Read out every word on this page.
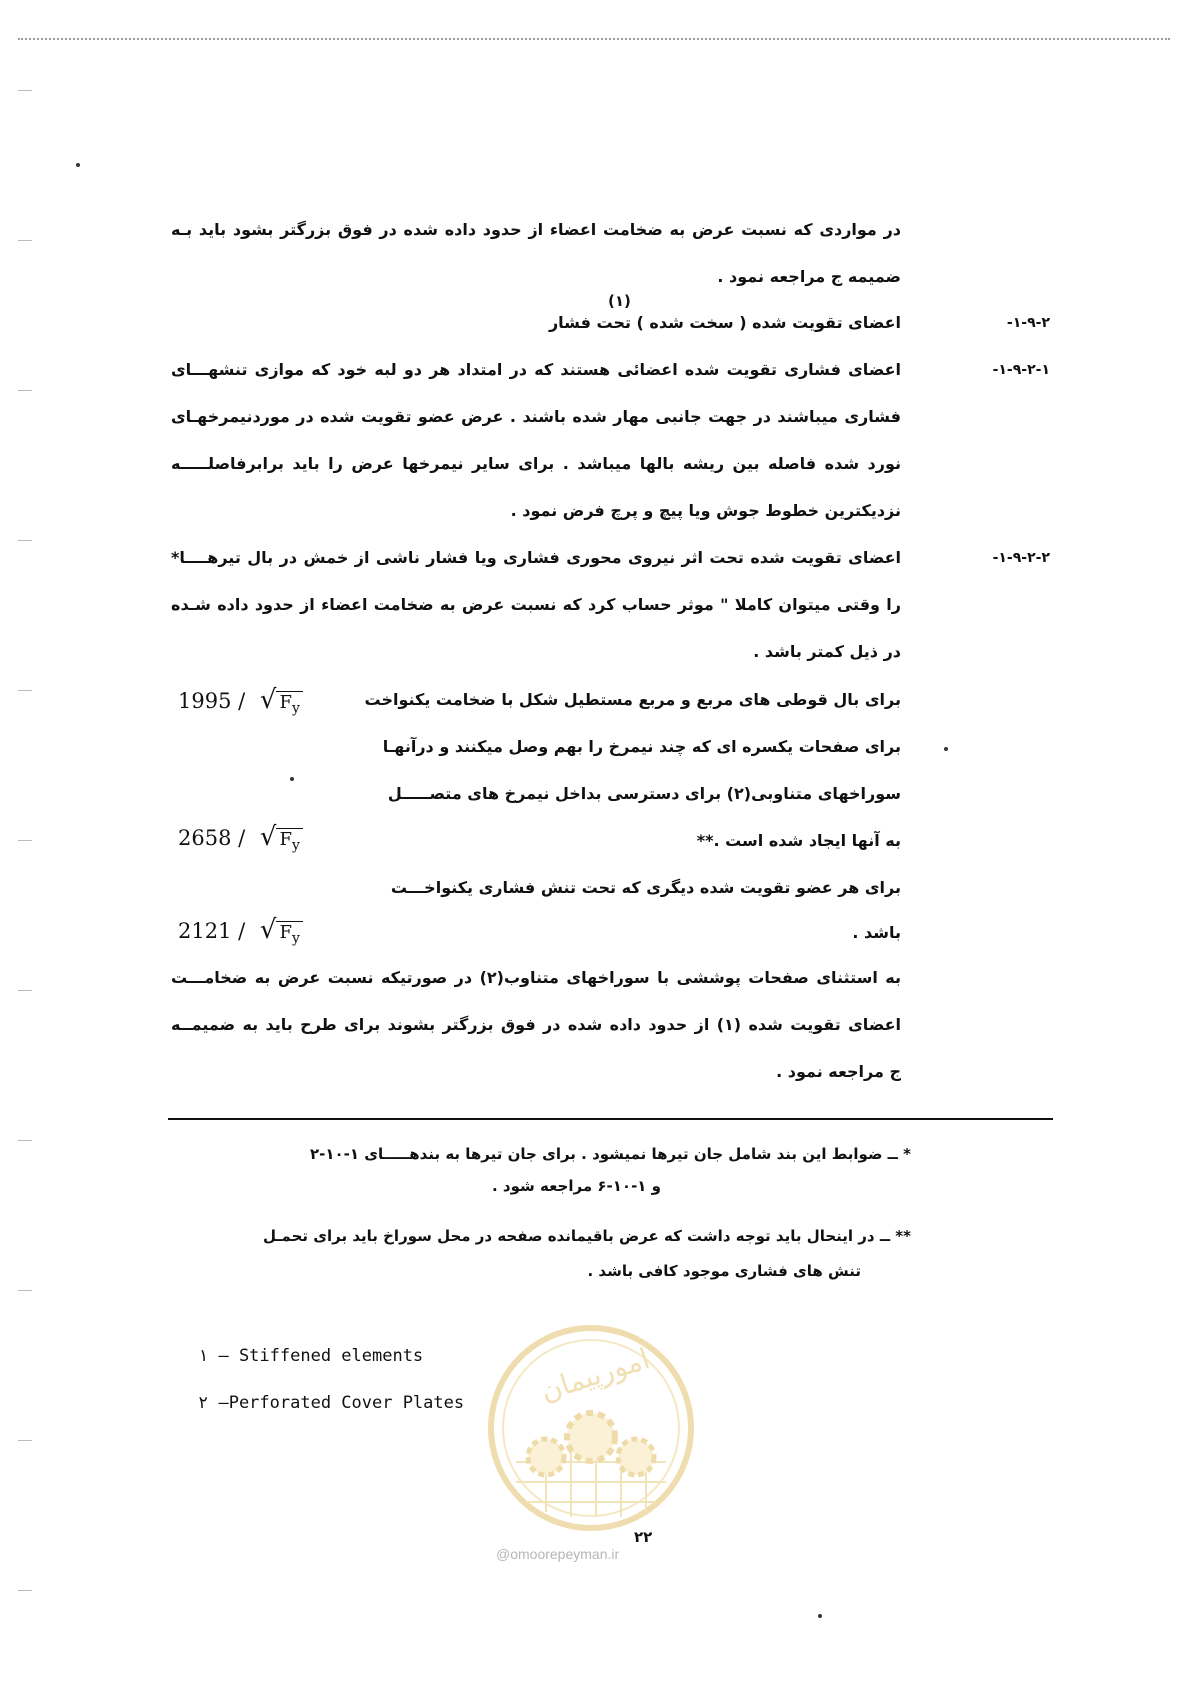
در مواردی که نسبت عرض به ضخامت اعضاء از حدود داده شده در فوق بزرگتر بشود باید بـه
ضمیمه ج مراجعه نمود .
(۱)
۱-۹-۲-
اعضای تقویت شده ( سخت شده ) تحت فشار
۱-۹-۲-۱-
اعضای فشاری تقویت شده اعضائی هستند که در امتداد هر دو لبه خود که موازی تنشهـــای
فشاری میباشند در جهت جانبی مهار شده باشند . عرض عضو تقویت شده در موردنیمرخهـای
نورد شده فاصله بین ریشه بالها میباشد . برای سایر نیمرخها عرض را باید برابرفاصلـــــه
نزدیکترین خطوط جوش ویا پیچ و پرچ فرض نمود .
۱-۹-۲-۲-
اعضای تقویت شده تحت اثر نیروی محوری فشاری ویا فشار ناشی از خمش در بال تیرهــــا*
را وقتی میتوان کاملا " موثر حساب کرد که نسبت عرض به ضخامت اعضاء از حدود داده شـده
در ذیل کمتر باشد .
برای بال قوطی های مربع و مربع مستطیل شکل با ضخامت یکنواخت
1995 / √ $F_y$
برای صفحات یکسره ای که چند نیمرخ را بهم وصل میکنند و درآنهـا
سوراخهای متناوبی(۲) برای دسترسی بداخل نیمرخ های متصـــــل
به آنها ایجاد شده است .**
2658 / √ $F_y$
برای هر عضو تقویت شده دیگری که تحت تنش فشاری یکنواخـــت
باشد .
2121 / √ $F_y$
به استثنای صفحات پوششی با سوراخهای متناوب(۲) در صورتیکه نسبت عرض به ضخامـــت
اعضای تقویت شده (۱) از حدود داده شده در فوق بزرگتر بشوند برای طرح باید به ضمیمــه
ج مراجعه نمود .
* ــ ضوابط این بند شامل جان تیرها نمیشود . برای جان تیرها به بندهـــــای ۱-۱۰-۲
و ۱-۱۰-۶ مراجعه شود .
** ــ در اینحال باید توجه داشت که عرض باقیمانده صفحه در محل سوراخ باید برای تحمـل
تنش های فشاری موجود کافی باشد .
۱ — Stiffened elements
۲ —Perforated Cover Plates	امورپیمان
@omoorepeyman.ir
۲۲
